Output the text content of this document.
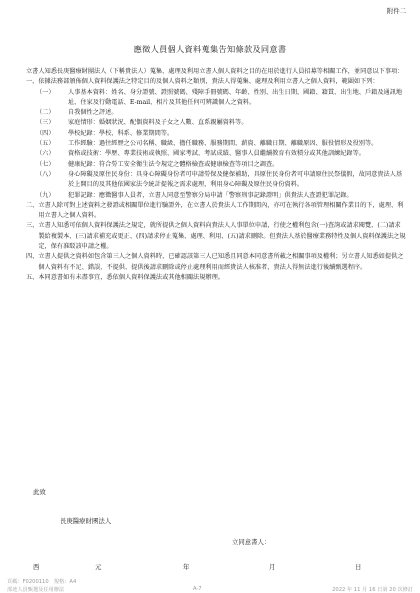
附件二
應徵人員個人資料蒐集告知條款及同意書
立書人知悉長庚醫療財團法人（下稱貴法人）蒐集、處理及利用立書人個人資料之目的在用於進行人員招募等相關工作，並同意以下事項：
一、 依據法務部頒佈個人資料保護法之特定目的及個人資料之類別，貴法人得蒐集、處理及利用立書人之個人資料，範圍如下列：
（一）	人事基本資料：姓名、身分證號、證照號碼、殘障手冊號碼、年齡、性別、出生日期、國籍、籍貫、出生地、戶籍及通訊地址、住家及行動電話、E-mail、相片及其他任何可辨識個人之資料。
（二）	自我個性之評述。
（三）	家庭情形：婚姻狀況、配偶資料及子女之人數、直系親屬資料等。
（四）	學校紀錄：學校、科系、修業期間等。
（五）	工作經驗：過往經歷之公司名稱、職級、擔任職務、服務期間、薪資、離職日期、離職原因、服役情形及役別等。
（六）	資格或技術：學歷、專業技術或執照、國家考試、考試成績、醫事人員繼續教育有效積分或其他訓練紀錄等。
（七）	健康紀錄：符合勞工安全衛生法令規定之體格檢查或健康檢查等項目之調查。
（八）	身心障礙及原住民身份：具身心障礙身份者可申請勞保及健保補助，具原住民身份者可申請原住民祭儀假，故同意貴法人基於上開目的及其他依國家法令統計提報之需求處理，利用身心障礙及原住民身份資料。
（九）	犯罪記錄：應徵醫事人員者，立書人同意至警察分局申請「警察刑事記錄證明」供貴法人查證犯罪記錄。
二、 立書人除可對上述資料之發證或相關單位進行驗證外，在立書人於貴法人工作期間內，亦可在執行各項管理相關作業目的下，處理、利用立書人之個人資料。
三、 立書人知悉可依個人資料保護法之規定，就所提供之個人資料向貴法人人事單位申請，行使之權利包含(一)查詢或請求閱覽、(二)請求製給複製本、(三)請求補充或更正、(四)請求停止蒐集、處理、利用、(五)請求刪除。但貴法人基於醫療業務特性及個人資料保護法之規定，保有准駁該申請之權。
四、 立書人提供之資料如包含第三人之個人資料時，已確認該第三人已知悉且同意本同意書所載之相關事項及權利；另立書人知悉如提供之個人資料有不足、錯誤、不提供、提供後請求刪除或停止處理利用而經貴法人核准者，貴法人得無法進行後續甄選程序。
五、 本同意書如有未盡事宜，悉依個人資料保護法或其他相關法規辦理。
此致
長庚醫療財團法人
立同意書人：
西	元	年	月	日
頁碼：F0200110　規格：A4
部迹人員甄選及任用辦法	A-7	2022 年 11 月 16 日第 20 次修訂
